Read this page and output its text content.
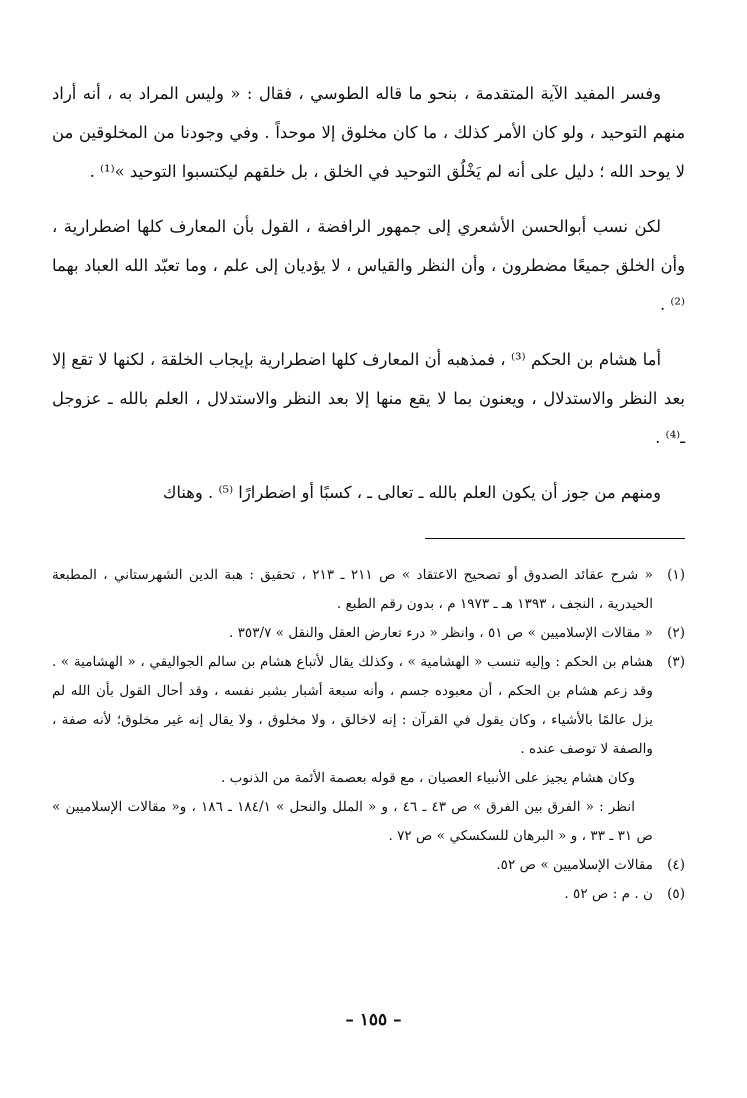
وفسر المفيد الآية المتقدمة ، بنحو ما قاله الطوسي ، فقال : « وليس المراد به ، أنه أراد منهم التوحيد ، ولو كان الأمر كذلك ، ما كان مخلوق إلا موحداً . وفي وجودنا من المخلوقين من لا يوحد الله ؛ دليل على أنه لم يَخْلُق التوحيد في الخلق ، بل خلقهم ليكتسبوا التوحيد »⁽¹⁾ .

لكن نسب أبوالحسن الأشعري إلى جمهور الرافضة ، القول بأن المعارف كلها اضطرارية ، وأن الخلق جميعًا مضطرون ، وأن النظر والقياس ، لا يؤديان إلى علم ، وما تعبّد الله العباد بهما ⁽²⁾ .

أما هشام بن الحكم ⁽³⁾ ، فمذهبه أن المعارف كلها اضطرارية بإيجاب الخلقة ، لكنها لا تقع إلا بعد النظر والاستدلال ، ويعنون بما لا يقع منها إلا بعد النظر والاستدلال ، العلم بالله ـ عزوجل ـ⁽⁴⁾ .

ومنهم من جوز أن يكون العلم بالله ـ تعالى ـ ، كسبًا أو اضطرارًا ⁽⁵⁾ . وهناك

(١)

« شرح عقائد الصدوق أو تصحيح الاعتقاد » ص ٢١١ ـ ٢١٣ ، تحقيق : هبة الدين الشهرستاني ، المطبعة الحيدرية ، النجف ، ١٣٩٣ هـ ـ ١٩٧٣ م ، بدون رقم الطبع .

(٢)

« مقالات الإسلاميين » ص ٥١ ، وانظر « درء تعارض العقل والنقل » ٣٥٣/٧ .

(٣)

هشام بن الحكم : وإليه تنسب « الهشامية » ، وكذلك يقال لأتباع هشام بن سالم الجواليقي ، « الهشامية » . وقد زعم هشام بن الحكم ، أن معبوده جسم ، وأنه سبعة أشبار بشبر نفسه ، وقد أحال القول بأن الله لم يزل عالمًا بالأشياء ، وكان يقول في القرآن : إنه لاخالق ، ولا مخلوق ، ولا يقال إنه غير مخلوق؛ لأنه صفة ، والصفة لا توصف عنده .

وكان هشام يجيز على الأنبياء العصيان ، مع قوله بعصمة الأئمة من الذنوب .

انظر : « الفرق بين الفرق » ص ٤٣ ـ ٤٦ ، و « الملل والنحل » ١٨٤/١ ـ ١٨٦ ، و« مقالات الإسلاميين » ص ٣١ ـ ٣٣ ، و « البرهان للسكسكي » ص ٧٢ .

(٤)

مقالات الإسلاميين » ص ٥٢.

(٥)

ن . م : ص ٥٢ .

– ١٥٥ –
